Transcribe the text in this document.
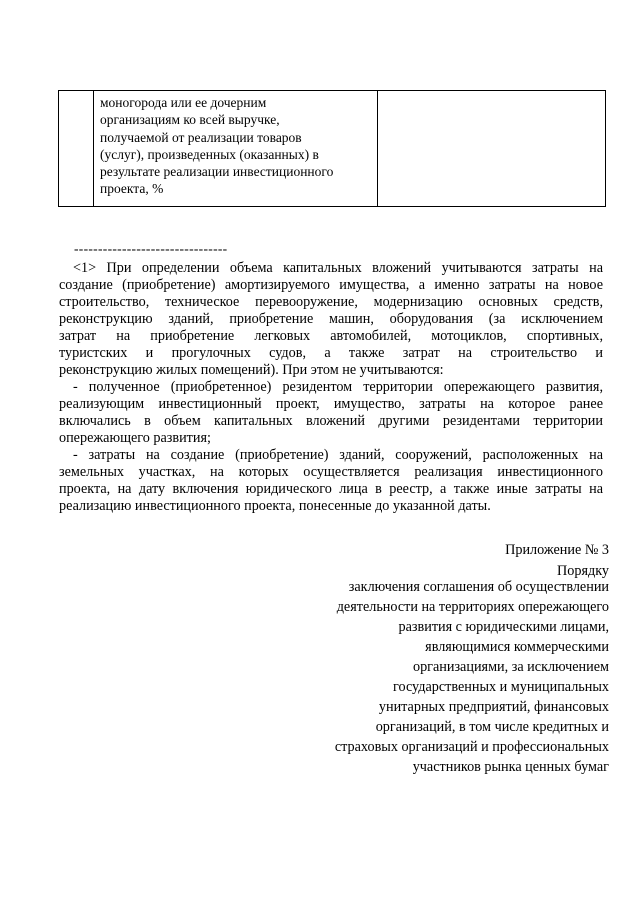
моногорода или ее дочерним
организациям ко всей выручке,
получаемой от реализации товаров
(услуг), произведенных (оказанных) в
результате реализации инвестиционного
проекта, %
--------------------------------
<1> При определении объема капитальных вложений учитываются затраты на
создание (приобретение) амортизируемого имущества, а именно затраты на новое
строительство, техническое перевооружение, модернизацию основных средств,
реконструкцию зданий, приобретение машин, оборудования (за исключением
затрат на приобретение легковых автомобилей, мотоциклов, спортивных,
туристских и прогулочных судов, а также затрат на строительство и
реконструкцию жилых помещений). При этом не учитываются:
- полученное (приобретенное) резидентом территории опережающего развития,
реализующим инвестиционный проект, имущество, затраты на которое ранее
включались в объем капитальных вложений другими резидентами территории
опережающего развития;
- затраты на создание (приобретение) зданий, сооружений, расположенных на
земельных участках, на которых осуществляется реализация инвестиционного
проекта, на дату включения юридического лица в реестр, а также иные затраты на
реализацию инвестиционного проекта, понесенные до указанной даты.
Приложение № 3
Порядку
заключения соглашения об осуществлении
деятельности на территориях опережающего
развития с юридическими лицами,
являющимися коммерческими
организациями, за исключением
государственных и муниципальных
унитарных предприятий, финансовых
организаций, в том числе кредитных и
страховых организаций и профессиональных
участников рынка ценных бумаг
